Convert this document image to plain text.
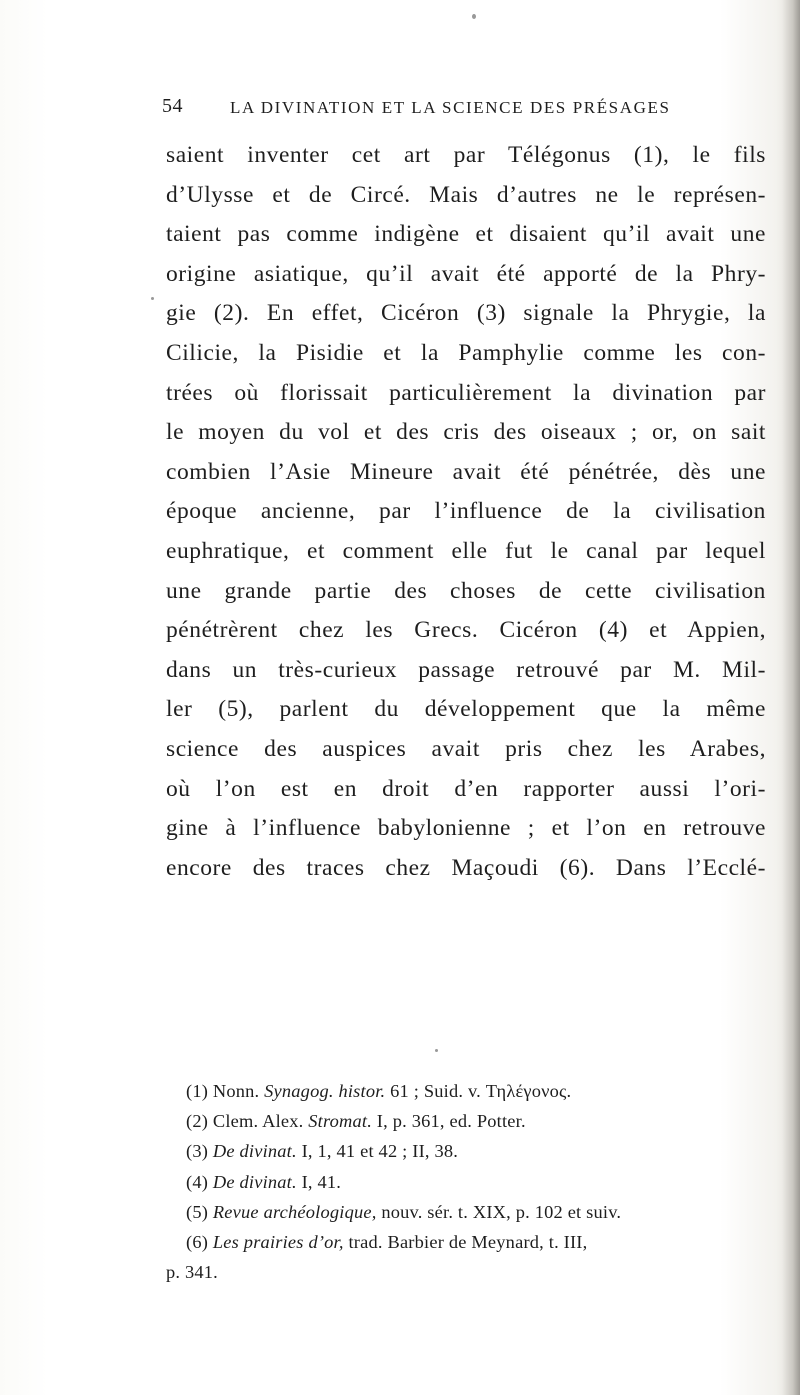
54	LA DIVINATION ET LA SCIENCE DES PRÉSAGES
saient inventer cet art par Télégonus (1), le fils
d’Ulysse et de Circé. Mais d’autres ne le représen-
taient pas comme indigène et disaient qu’il avait une
origine asiatique, qu’il avait été apporté de la Phry-
gie (2). En effet, Cicéron (3) signale la Phrygie, la
Cilicie, la Pisidie et la Pamphylie comme les con-
trées où florissait particulièrement la divination par
le moyen du vol et des cris des oiseaux ; or, on sait
combien l’Asie Mineure avait été pénétrée, dès une
époque ancienne, par l’influence de la civilisation
euphratique, et comment elle fut le canal par lequel
une grande partie des choses de cette civilisation
pénétrèrent chez les Grecs. Cicéron (4) et Appien,
dans un très-curieux passage retrouvé par M. Mil-
ler (5), parlent du développement que la même
science des auspices avait pris chez les Arabes,
où l’on est en droit d’en rapporter aussi l’ori-
gine à l’influence babylonienne ; et l’on en retrouve
encore des traces chez Maçoudi (6). Dans l’Ecclé-
(1) Nonn. Synagog. histor. 61 ; Suid. v. Τηλέγονος.
(2) Clem. Alex. Stromat. I, p. 361, ed. Potter.
(3) De divinat. I, 1, 41 et 42 ; II, 38.
(4) De divinat. I, 41.
(5) Revue archéologique, nouv. sér. t. XIX, p. 102 et suiv.
(6) Les prairies d’or, trad. Barbier de Meynard, t. III,
p. 341.
